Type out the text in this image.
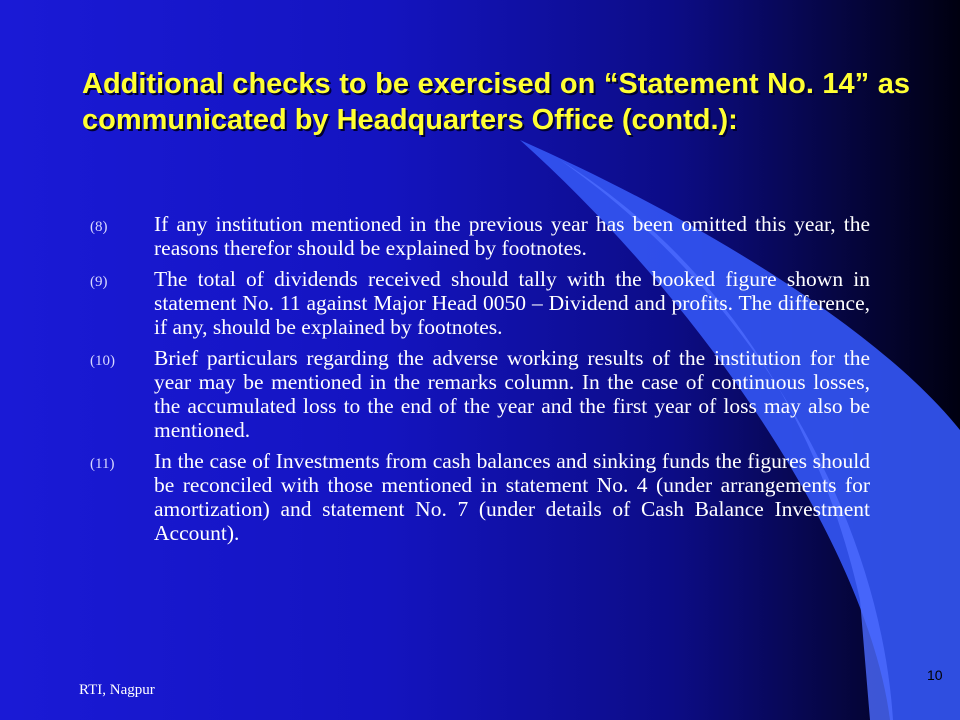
Additional checks to be exercised on “Statement No. 14” as communicated by Headquarters Office (contd.):
(8)	If any institution mentioned in the previous year has been omitted this year, the reasons therefor should be explained by footnotes.
(9)	The total of dividends received should tally with the booked figure shown in statement No. 11 against Major Head 0050 – Dividend and profits. The difference, if any, should be explained by footnotes.
(10)	Brief particulars regarding the adverse working results of the institution for the year may be mentioned in the remarks column. In the case of continuous losses, the accumulated loss to the end of the year and the first year of loss may also be mentioned.
(11)	In the case of Investments from cash balances and sinking funds the figures should be reconciled with those mentioned in statement No. 4 (under arrangements for amortization) and statement No. 7 (under details of Cash Balance Investment Account).
RTI, Nagpur
10
